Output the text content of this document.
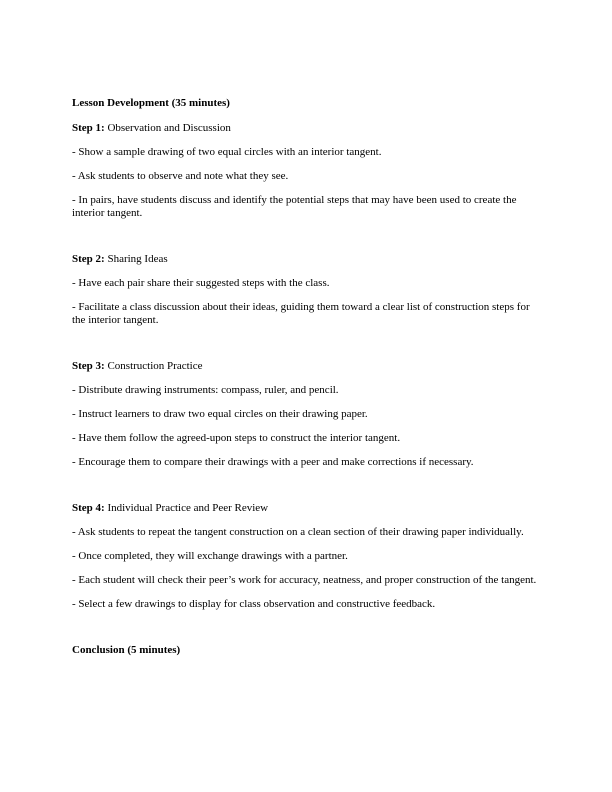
Lesson Development (35 minutes)

Step 1: Observation and Discussion

- Show a sample drawing of two equal circles with an interior tangent.

- Ask students to observe and note what they see.

- In pairs, have students discuss and identify the potential steps that may have been used to create the interior tangent.

Step 2: Sharing Ideas

- Have each pair share their suggested steps with the class.

- Facilitate a class discussion about their ideas, guiding them toward a clear list of construction steps for the interior tangent.

Step 3: Construction Practice

- Distribute drawing instruments: compass, ruler, and pencil.

- Instruct learners to draw two equal circles on their drawing paper.

- Have them follow the agreed-upon steps to construct the interior tangent.

- Encourage them to compare their drawings with a peer and make corrections if necessary.

Step 4: Individual Practice and Peer Review

- Ask students to repeat the tangent construction on a clean section of their drawing paper individually.

- Once completed, they will exchange drawings with a partner.

- Each student will check their peer’s work for accuracy, neatness, and proper construction of the tangent.

- Select a few drawings to display for class observation and constructive feedback.

Conclusion (5 minutes)
